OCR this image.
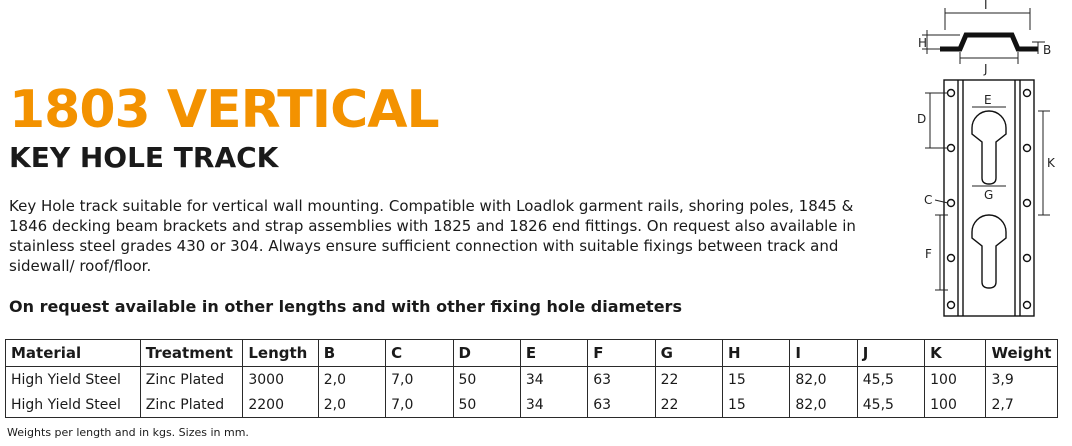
1803 VERTICAL
KEY HOLE TRACK

Key Hole track suitable for vertical wall mounting. Compatible with Loadlok garment rails, shoring poles, 1845 & 1846 decking beam brackets and strap assemblies with 1825 and 1826 end fittings. On request also available in stainless steel grades 430 or 304. Always ensure sufficient connection with suitable fixings between track and sidewall/ roof/floor.

On request available in other lengths and with other fixing hole diameters

Material	Treatment	Length	B	C	D	E	F	G	H	I	J	K	Weight
High Yield Steel	Zinc Plated	3000	2,0	7,0	50	34	63	22	15	82,0	45,5	100	3,9
High Yield Steel	Zinc Plated	2200	2,0	7,0	50	34	63	22	15	82,0	45,5	100	2,7

Weights per length and in kgs. Sizes in mm.

I
H	B
J
D
E
K
C	G
F
